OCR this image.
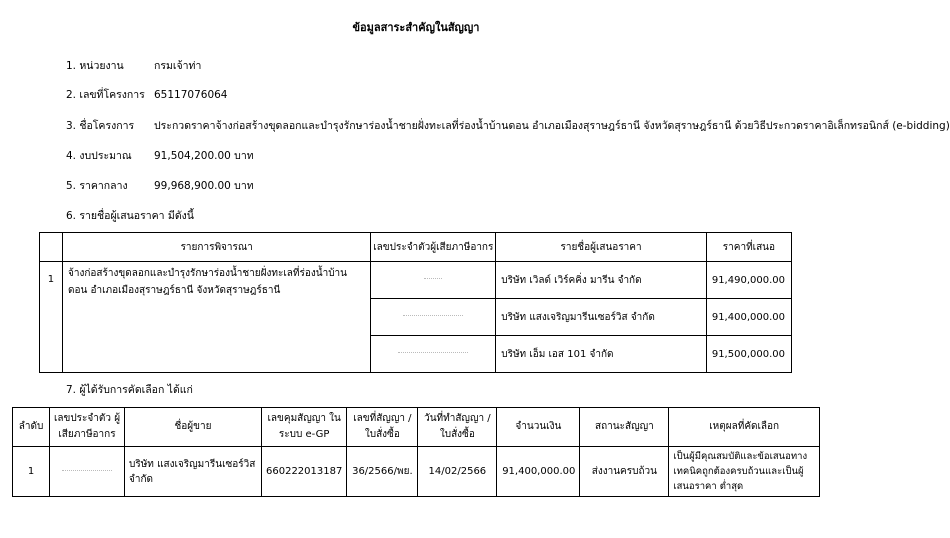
ข้อมูลสาระสำคัญในสัญญา
1. หน่วยงาน	กรมเจ้าท่า
2. เลขที่โครงการ 65117076064
3. ชื่อโครงการ ประกวดราคาจ้างก่อสร้างขุดลอกและบำรุงรักษาร่องน้ำชายฝั่งทะเลที่ร่องน้ำบ้านดอน อำเภอเมืองสุราษฎร์ธานี จังหวัดสุราษฎร์ธานี ด้วยวิธีประกวดราคาอิเล็กทรอนิกส์ (e-bidding)
4. งบประมาณ 91,504,200.00 บาท
5. ราคากลาง	99,968,900.00 บาท
6. รายชื่อผู้เสนอราคา มีดังนี้
	รายการพิจารณา	เลขประจำตัวผู้เสียภาษีอากร	รายชื่อผู้เสนอราคา	ราคาที่เสนอ
1	จ้างก่อสร้างขุดลอกและบำรุงรักษาร่องน้ำชายฝั่งทะเลที่ร่องน้ำบ้านดอน อำเภอเมืองสุราษฎร์ธานี จังหวัดสุราษฎร์ธานี		บริษัท เวิลด์ เวิร์คคิ่ง มารีน จำกัด	91,490,000.00
			บริษัท แสงเจริญมารีนเซอร์วิส จำกัด	91,400,000.00
			บริษัท เอ็ม เอส 101 จำกัด	91,500,000.00
7. ผู้ได้รับการคัดเลือก ได้แก่
ลำดับ	เลขประจำตัว ผู้เสียภาษีอากร	ชื่อผู้ขาย	เลขคุมสัญญา ในระบบ e-GP	เลขที่สัญญา / ใบสั่งซื้อ	วันที่ทำสัญญา / ใบสั่งซื้อ	จำนวนเงิน	สถานะสัญญา	เหตุผลที่คัดเลือก
1		บริษัท แสงเจริญมารีนเซอร์วิส จำกัด	660222013187	36/2566/พย.	14/02/2566	91,400,000.00	ส่งงานครบถ้วน	เป็นผู้มีคุณสมบัติและข้อเสนอทางเทคนิคถูกต้องครบถ้วนและเป็นผู้เสนอราคา ต่ำสุด
